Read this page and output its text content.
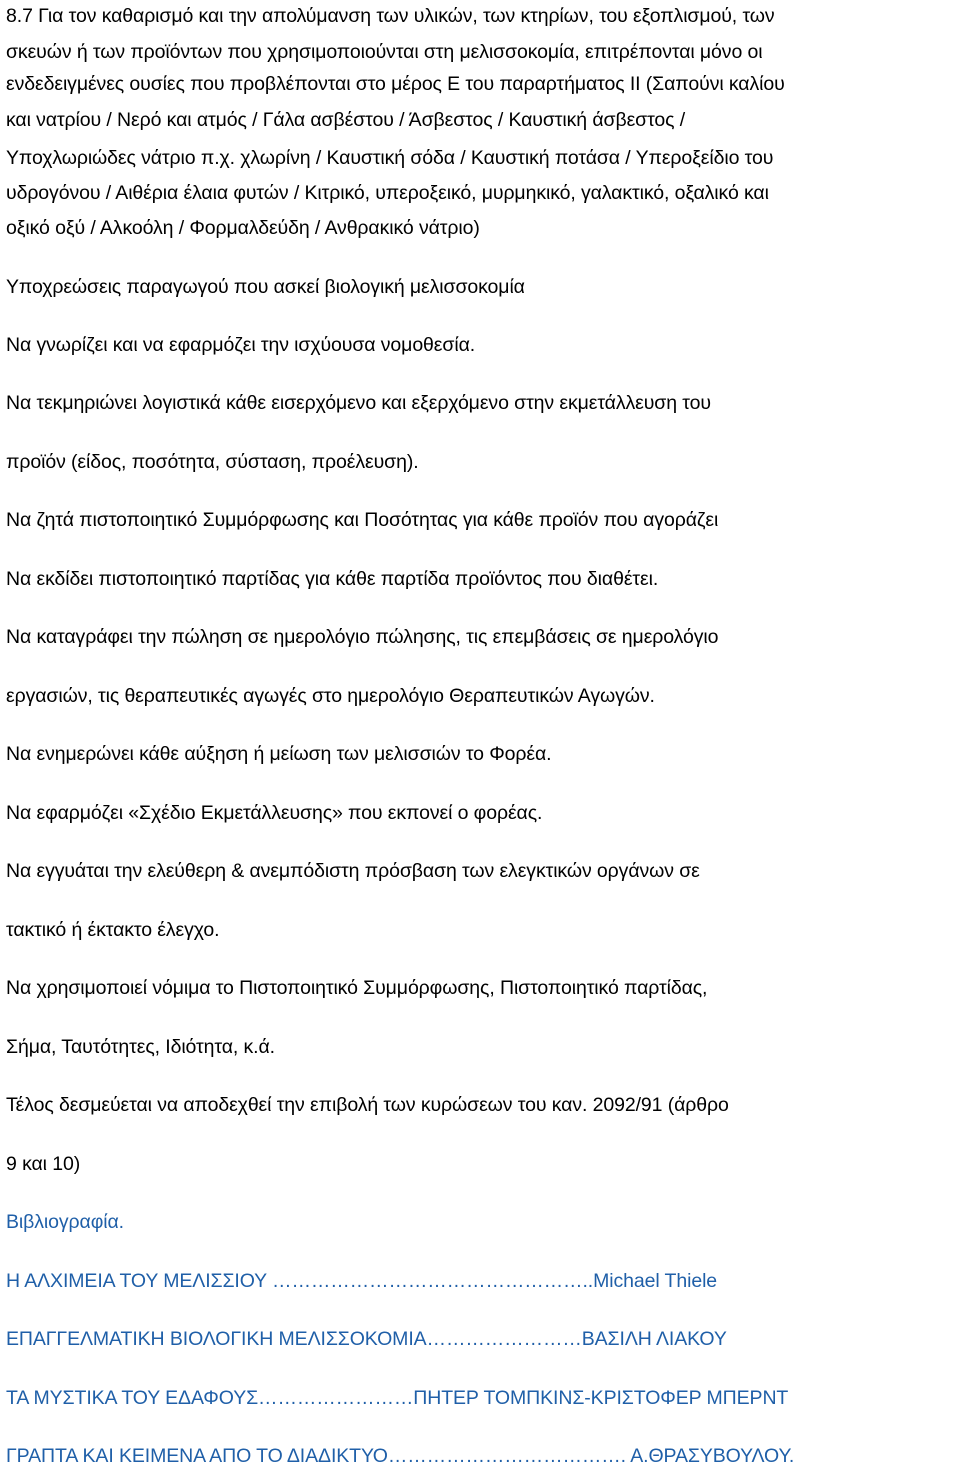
8.7 Για τον καθαρισμό και την απολύμανση των υλικών, των κτηρίων, του εξοπλισμού, των
σκευών ή των προϊόντων που χρησιμοποιούνται στη μελισσοκομία, επιτρέπονται μόνο οι
ενδεδειγμένες ουσίες που προβλέπονται στο μέρος Ε του παραρτήματος ΙΙ (Σαπούνι καλίου
και νατρίου / Νερό και ατμός / Γάλα ασβέστου / Άσβεστος / Καυστική άσβεστος /
Υποχλωριώδες νάτριο π.χ. χλωρίνη / Καυστική σόδα / Καυστική ποτάσα / Υπεροξείδιο του
υδρογόνου / Αιθέρια έλαια φυτών / Κιτρικό, υπεροξεικό, μυρμηκικό, γαλακτικό, οξαλικό και
οξικό οξύ / Αλκοόλη / Φορμαλδεύδη / Ανθρακικό νάτριο)
Υποχρεώσεις παραγωγού που ασκεί βιολογική μελισσοκομία
Να γνωρίζει και να εφαρμόζει την ισχύουσα νομοθεσία.
Να τεκμηριώνει λογιστικά κάθε εισερχόμενο και εξερχόμενο στην εκμετάλλευση του
προϊόν (είδος, ποσότητα, σύσταση, προέλευση).
Να ζητά πιστοποιητικό Συμμόρφωσης και Ποσότητας για κάθε προϊόν που αγοράζει
Να εκδίδει πιστοποιητικό παρτίδας για κάθε παρτίδα προϊόντος που διαθέτει.
Να καταγράφει την πώληση σε ημερολόγιο πώλησης, τις επεμβάσεις σε ημερολόγιο
εργασιών, τις θεραπευτικές αγωγές στο ημερολόγιο Θεραπευτικών Αγωγών.
Να ενημερώνει κάθε αύξηση ή μείωση των μελισσιών το Φορέα.
Να εφαρμόζει «Σχέδιο Εκμετάλλευσης» που εκπονεί ο φορέας.
Να εγγυάται την ελεύθερη & ανεμπόδιστη πρόσβαση των ελεγκτικών οργάνων σε
τακτικό ή έκτακτο έλεγχο.
Να χρησιμοποιεί νόμιμα το Πιστοποιητικό Συμμόρφωσης, Πιστοποιητικό παρτίδας,
Σήμα, Ταυτότητες, Ιδιότητα, κ.ά.
Τέλος δεσμεύεται να αποδεχθεί την επιβολή των κυρώσεων του καν. 2092/91 (άρθρο
9 και 10)
Βιβλιογραφία.
Η ΑΛΧΙΜΕΙΑ ΤΟΥ ΜΕΛΙΣΣΙΟΥ …………………………………………..Michael Thiele
ΕΠΑΓΓΕΛΜΑΤΙΚΗ ΒΙΟΛΟΓΙΚΗ ΜΕΛΙΣΣΟΚΟΜΙΑ……………………ΒΑΣΙΛΗ ΛΙΑΚΟΥ
ΤΑ ΜΥΣΤΙΚΑ ΤΟΥ ΕΔΑΦΟΥΣ……………………ΠΗΤΕΡ ΤΟΜΠΚΙΝΣ-ΚΡΙΣΤΟΦΕΡ ΜΠΕΡΝΤ
ΓΡΑΠΤΑ ΚΑΙ ΚΕΙΜΕΝΑ ΑΠΟ ΤΟ ΔΙΑΔΙΚΤΥΟ………………………………. Α.ΘΡΑΣΥΒΟΥΛΟΥ.
